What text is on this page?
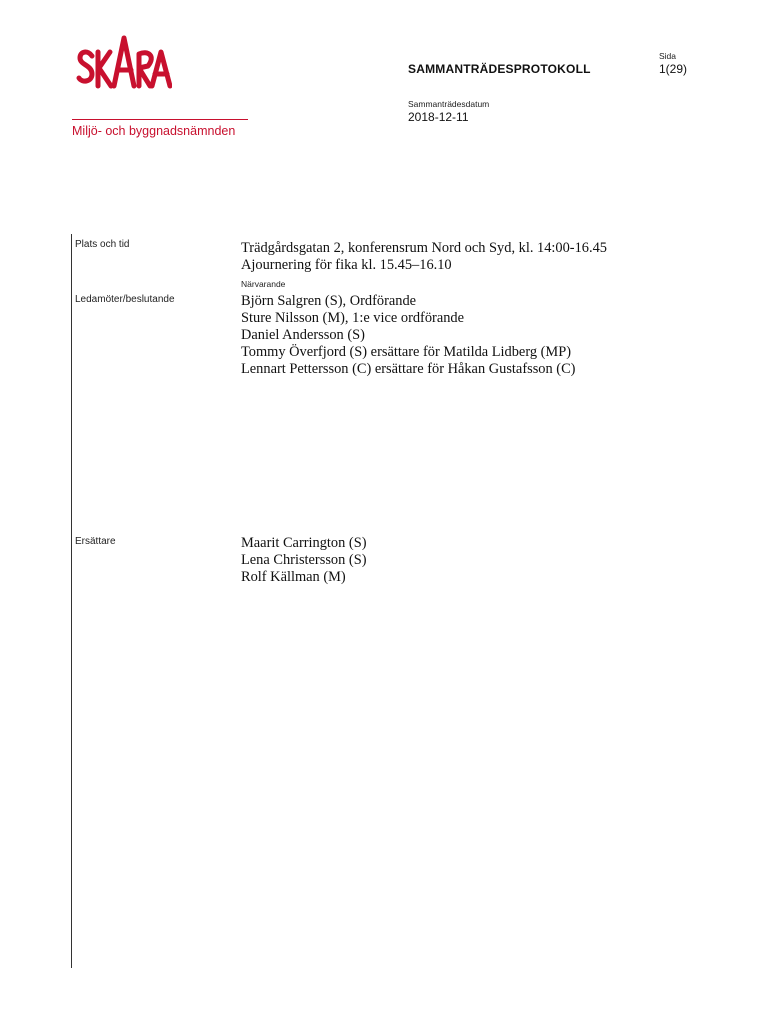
Miljö- och byggnadsnämnden
SAMMANTRÄDESPROTOKOLL
Sida
1(29)
Sammanträdesdatum
2018-12-11
Plats och tid	Trädgårdsgatan 2, konferensrum Nord och Syd, kl. 14:00-16.45
Ajournering för fika kl. 15.45–16.10
Närvarande
Ledamöter/beslutande	Björn Salgren (S), Ordförande
Sture Nilsson (M), 1:e vice ordförande
Daniel Andersson (S)
Tommy Överfjord (S) ersättare för Matilda Lidberg (MP)
Lennart Pettersson (C) ersättare för Håkan Gustafsson (C)
Ersättare	Maarit Carrington (S)
Lena Christersson (S)
Rolf Källman (M)
